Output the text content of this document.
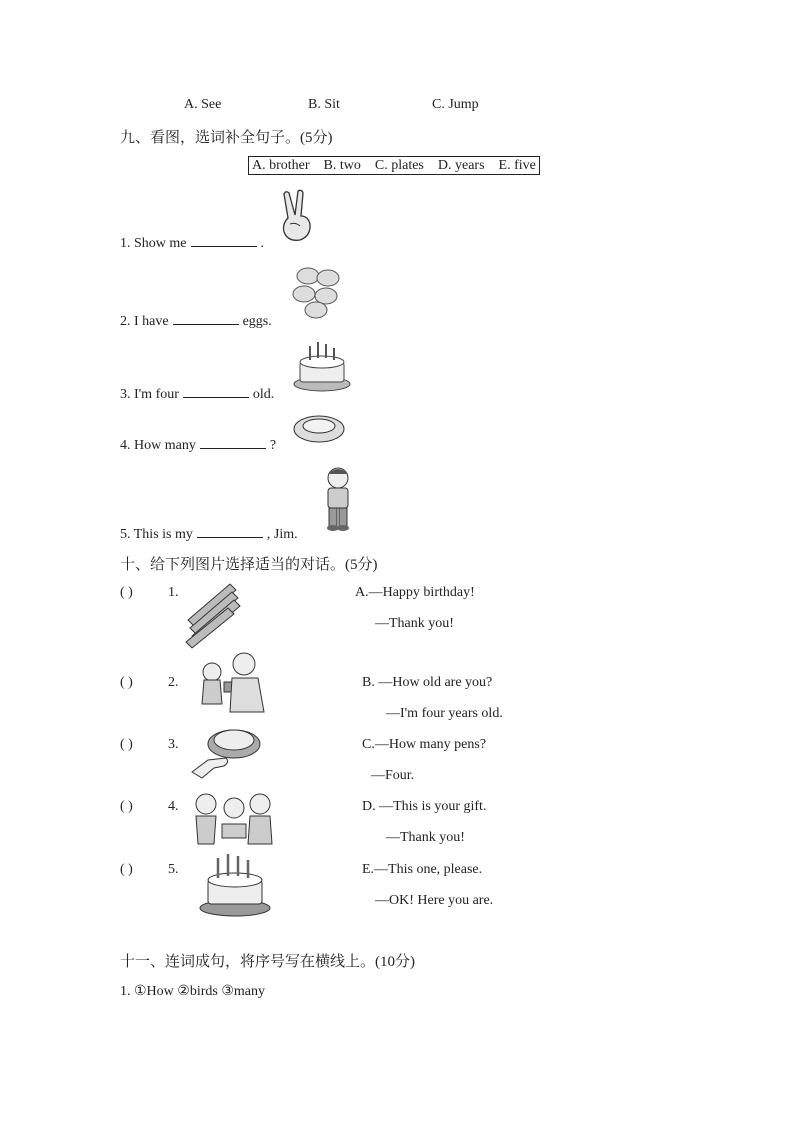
A. See	B. Sit	C. Jump
九、看图，选词补全句子。(5分)
A. brother B. two C. plates D. years E. five
1. Show me	.
2. I have	eggs.
3. I'm four	old.
4. How many	?
5. This is my	, Jim.
十、给下列图片选择适当的对话。(5分)
( )	1.
( )	2.
( )	3.
( )	4.
( )	5.
A.—Happy birthday!
—Thank you!
B. —How old are you?
—I'm four years old.
C.—How many pens?
—Four.
D. —This is your gift.
—Thank you!
E.—This one, please.
—OK! Here you are.
十一、连词成句，将序号写在横线上。(10分)
1. ①How ②birds ③many
